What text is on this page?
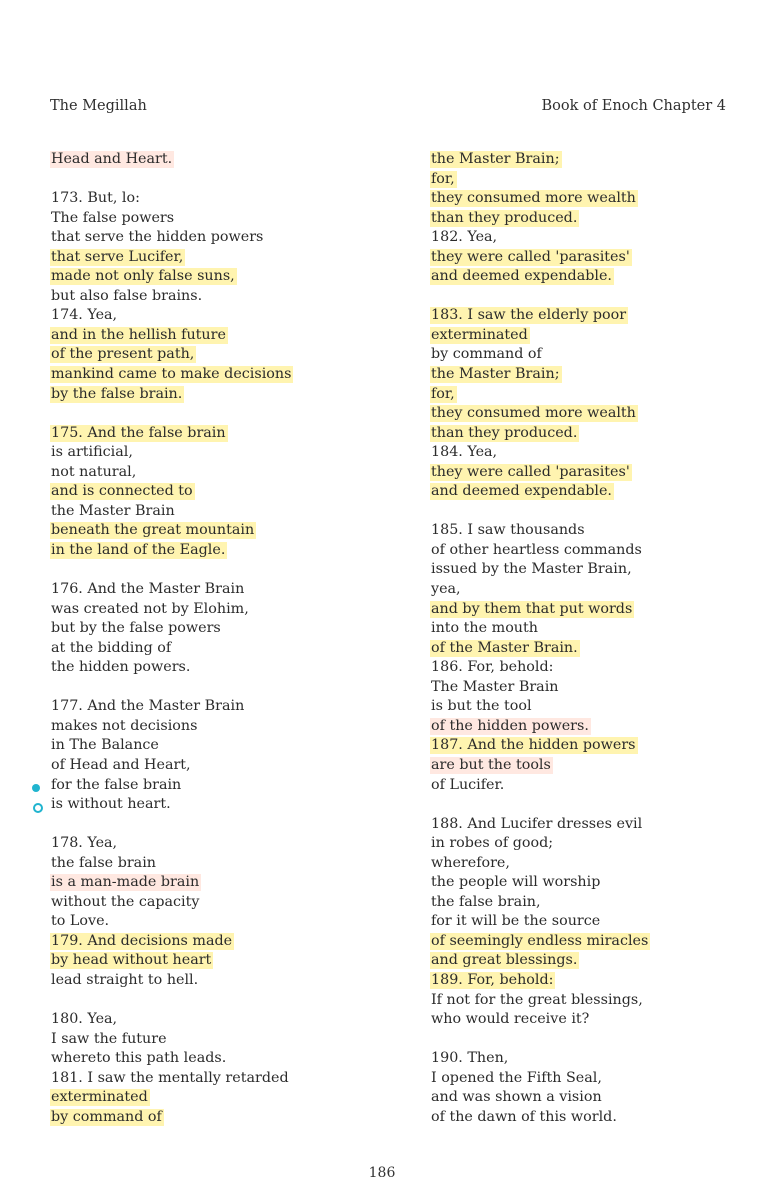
The Megillah	Book of Enoch Chapter 4
Head and Heart.
173. But, lo:
The false powers
that serve the hidden powers
that serve Lucifer,
made not only false suns,
but also false brains.
174. Yea,
and in the hellish future
of the present path,
mankind came to make decisions
by the false brain.
175. And the false brain
is artificial,
not natural,
and is connected to
the Master Brain
beneath the great mountain
in the land of the Eagle.
176. And the Master Brain
was created not by Elohim,
but by the false powers
at the bidding of
the hidden powers.
177. And the Master Brain
makes not decisions
in The Balance
of Head and Heart,
for the false brain
is without heart.
178. Yea,
the false brain
is a man-made brain
without the capacity
to Love.
179. And decisions made
by head without heart
lead straight to hell.
180. Yea,
I saw the future
whereto this path leads.
181. I saw the mentally retarded
exterminated
by command of
the Master Brain;
for,
they consumed more wealth
than they produced.
182. Yea,
they were called 'parasites'
and deemed expendable.
183. I saw the elderly poor
exterminated
by command of
the Master Brain;
for,
they consumed more wealth
than they produced.
184. Yea,
they were called 'parasites'
and deemed expendable.
185. I saw thousands
of other heartless commands
issued by the Master Brain,
yea,
and by them that put words
into the mouth
of the Master Brain.
186. For, behold:
The Master Brain
is but the tool
of the hidden powers.
187. And the hidden powers
are but the tools
of Lucifer.
188. And Lucifer dresses evil
in robes of good;
wherefore,
the people will worship
the false brain,
for it will be the source
of seemingly endless miracles
and great blessings.
189. For, behold:
If not for the great blessings,
who would receive it?
190. Then,
I opened the Fifth Seal,
and was shown a vision
of the dawn of this world.
186
